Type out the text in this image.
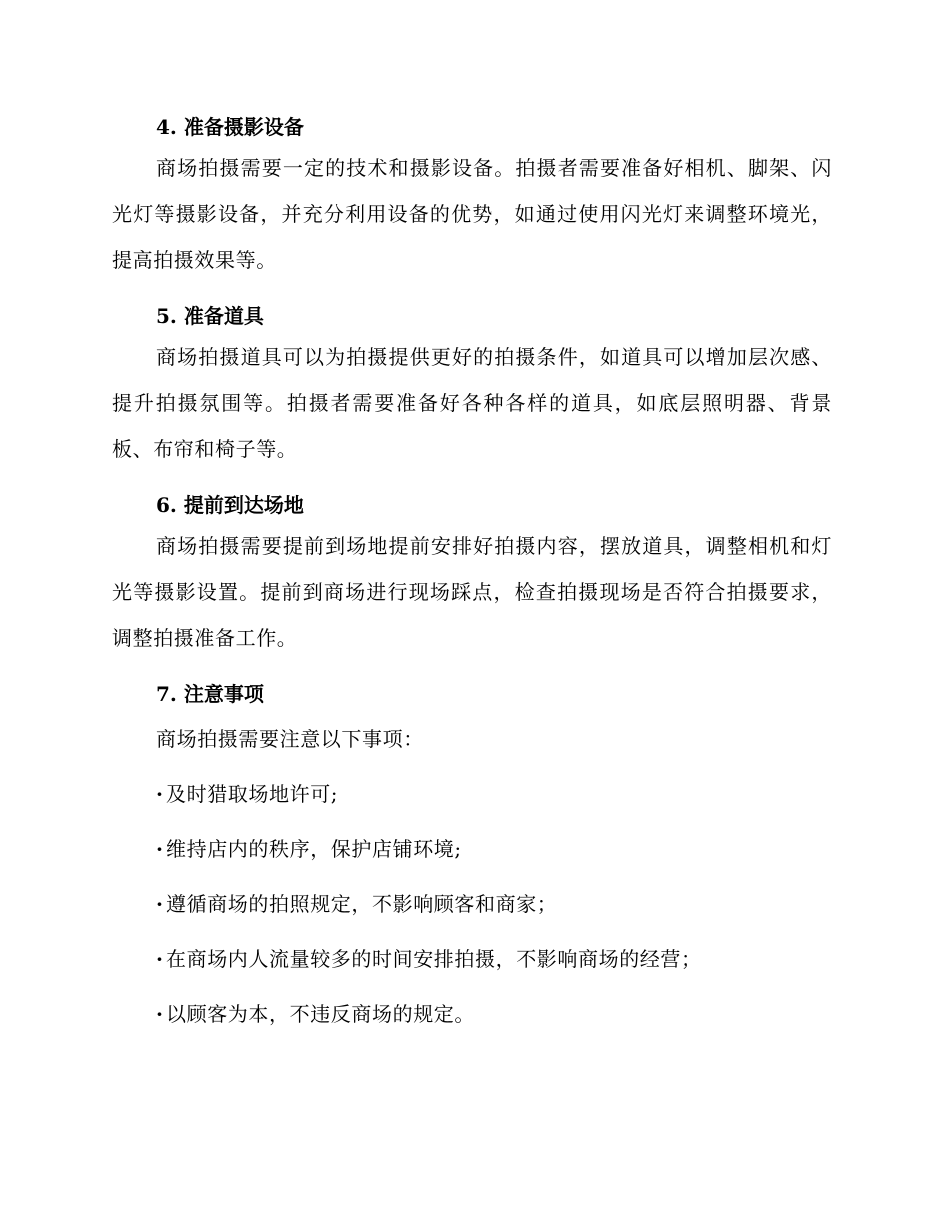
4. 准备摄影设备

商场拍摄需要一定的技术和摄影设备。拍摄者需要准备好相机、脚架、闪光灯等摄影设备，并充分利用设备的优势，如通过使用闪光灯来调整环境光，提高拍摄效果等。

5. 准备道具

商场拍摄道具可以为拍摄提供更好的拍摄条件，如道具可以增加层次感、提升拍摄氛围等。拍摄者需要准备好各种各样的道具，如底层照明器、背景板、布帘和椅子等。

6. 提前到达场地

商场拍摄需要提前到场地提前安排好拍摄内容，摆放道具，调整相机和灯光等摄影设置。提前到商场进行现场踩点，检查拍摄现场是否符合拍摄要求，调整拍摄准备工作。

7. 注意事项

商场拍摄需要注意以下事项：

· 及时猎取场地许可;

· 维持店内的秩序，保护店铺环境;

· 遵循商场的拍照规定，不影响顾客和商家；

· 在商场内人流量较多的时间安排拍摄，不影响商场的经营；

· 以顾客为本，不违反商场的规定。
